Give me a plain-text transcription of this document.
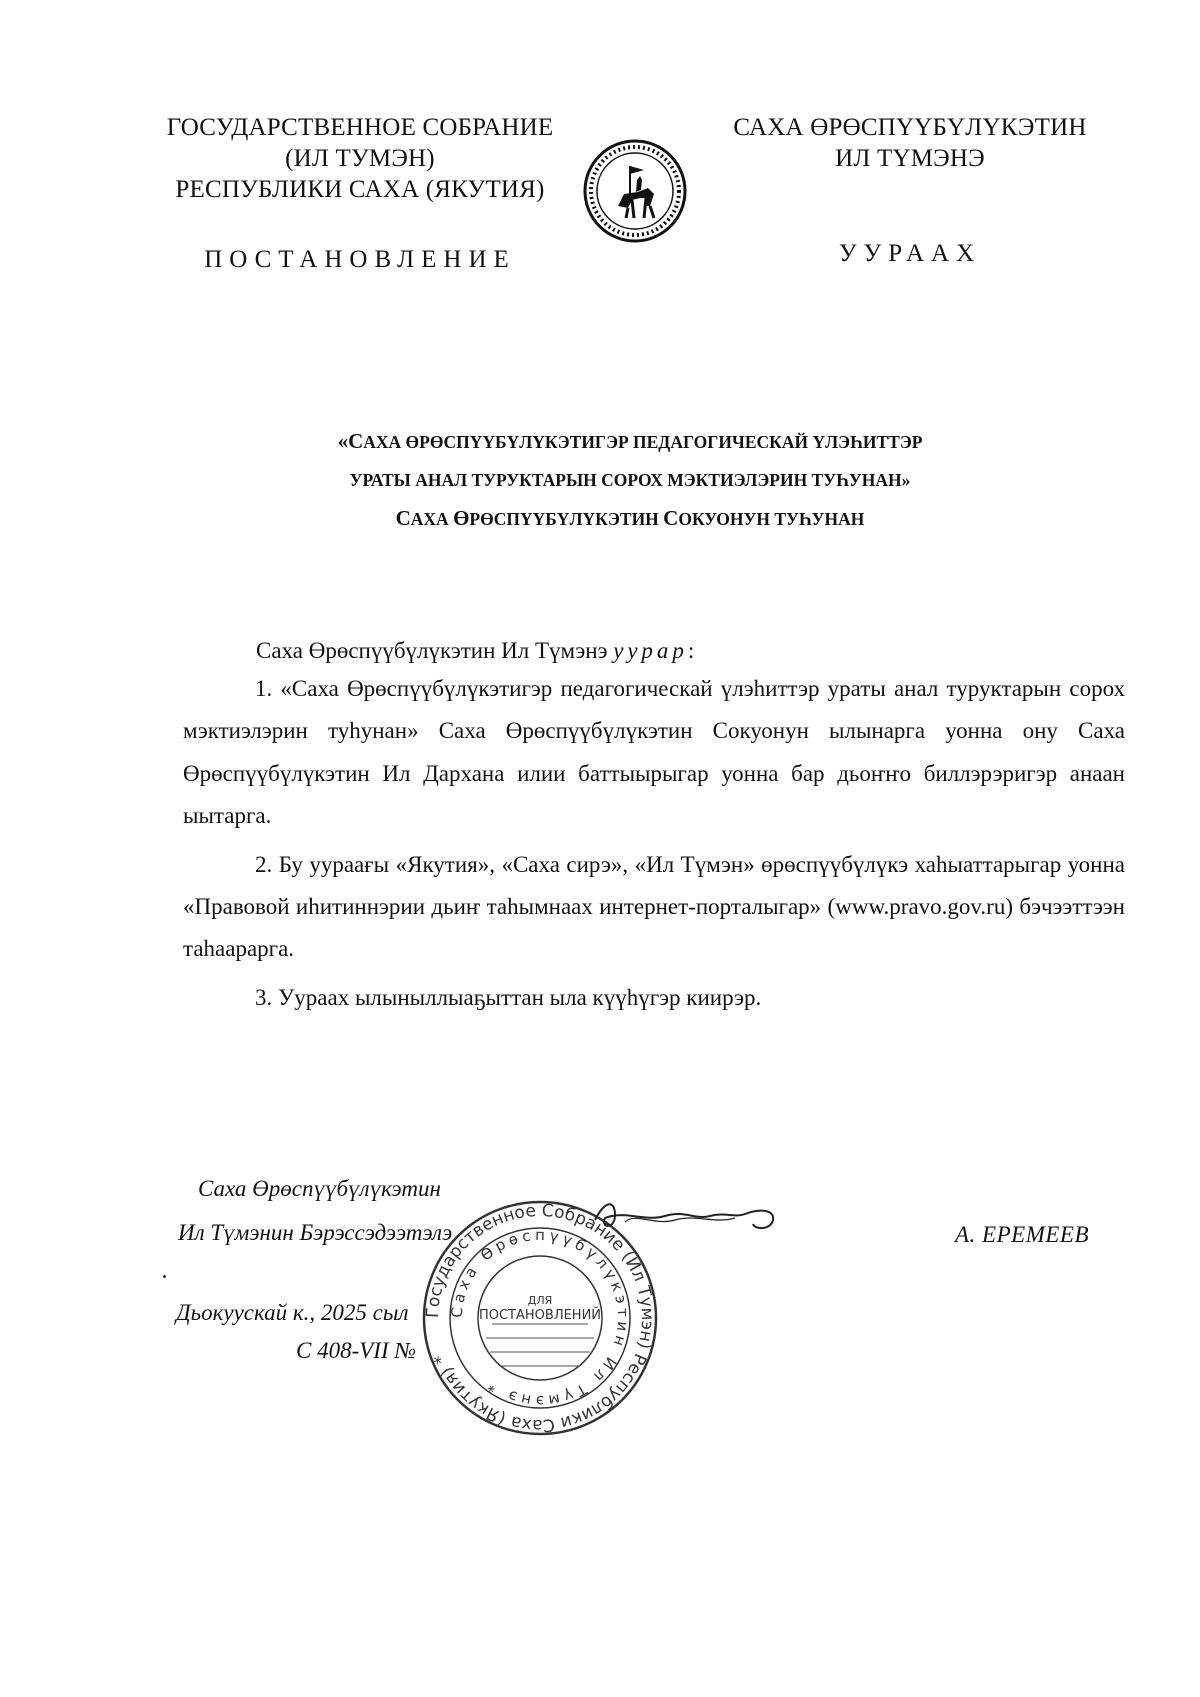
ГОСУДАРСТВЕННОЕ СОБРАНИЕ
(ИЛ ТУМЭН)
РЕСПУБЛИКИ САХА (ЯКУТИЯ)
САХА ӨРӨСПҮҮБҮЛҮКЭТИН
ИЛ ТҮМЭНЭ
ПОСТАНОВЛЕНИЕ	УУРААХ
«САХА ӨРӨСПҮҮБҮЛҮКЭТИГЭР ПЕДАГОГИЧЕСКАЙ ҮЛЭҺИТТЭР
УРАТЫ АНАЛ ТУРУКТАРЫН СОРОХ МЭКТИЭЛЭРИН ТУҺУНАН»
САХА ӨРӨСПҮҮБҮЛҮКЭТИН СОКУОНУН ТУҺУНАН
Саха Өрөспүүбүлүкэтин Ил Түмэнэ уурар:

1. «Саха Өрөспүүбүлүкэтигэр педагогическай үлэһиттэр ураты анал туруктарын сорох мэктиэлэрин туһунан» Саха Өрөспүүбүлүкэтин Сокуонун ылынарга уонна ону Саха Өрөспүүбүлүкэтин Ил Дархана илии баттыырыгар уонна бар дьоҥҥо биллэрэригэр анаан ыытарга.

2. Бу уураағы «Якутия», «Саха сирэ», «Ил Түмэн» өрөспүүбүлүкэ хаһыаттарыгар уонна «Правовой иһитиннэрии дьиҥ таһымнаах интернет-порталыгар» (www.pravo.gov.ru) бэчээттээн таһаарарга.

3. Уураах ылыныллыаҕыттан ыла күүһүгэр киирэр.

Саха Өрөспүүбүлүкэтин
Ил Түмэнин Бэрэссэдээтэлэ	А. ЕРЕМЕЕВ
Дьокуускай к., 2025 сыл
С 408-VII №
Государственное Собрание (Ил Тумэн) Республики Саха (Якутия) *
Саха Өрөспүүбүлүкэтин Ил Түмэнэ *
ДЛЯ
ПОСТАНОВЛЕНИЙ
